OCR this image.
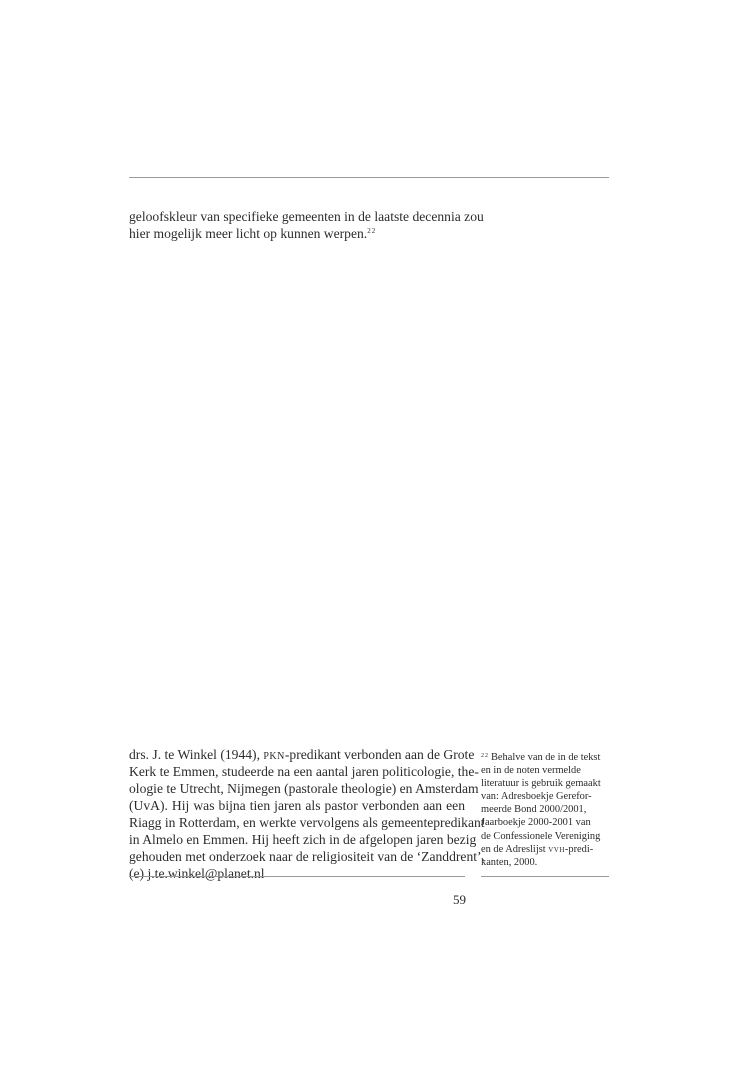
geloofskleur van specifieke gemeenten in de laatste decennia zou
hier mogelijk meer licht op kunnen werpen.$^{22}$
drs. J. te Winkel (1944), pkn-predikant verbonden aan de Grote
Kerk te Emmen, studeerde na een aantal jaren politicologie, the-
ologie te Utrecht, Nijmegen (pastorale theologie) en Amsterdam
(UvA). Hij was bijna tien jaren als pastor verbonden aan een
Riagg in Rotterdam, en werkte vervolgens als gemeentepredikant
in Almelo en Emmen. Hij heeft zich in de afgelopen jaren bezig
gehouden met onderzoek naar de religiositeit van de ‘Zanddrent’.
(e) j.te.winkel@planet.nl
$^{22}$ Behalve van de in de tekst
en in de noten vermelde
literatuur is gebruik gemaakt
van: Adresboekje Gerefor-
meerde Bond 2000/2001,
Jaarboekje 2000-2001 van
de Confessionele Vereniging
en de Adreslijst vvh-predi-
kanten, 2000.
59
